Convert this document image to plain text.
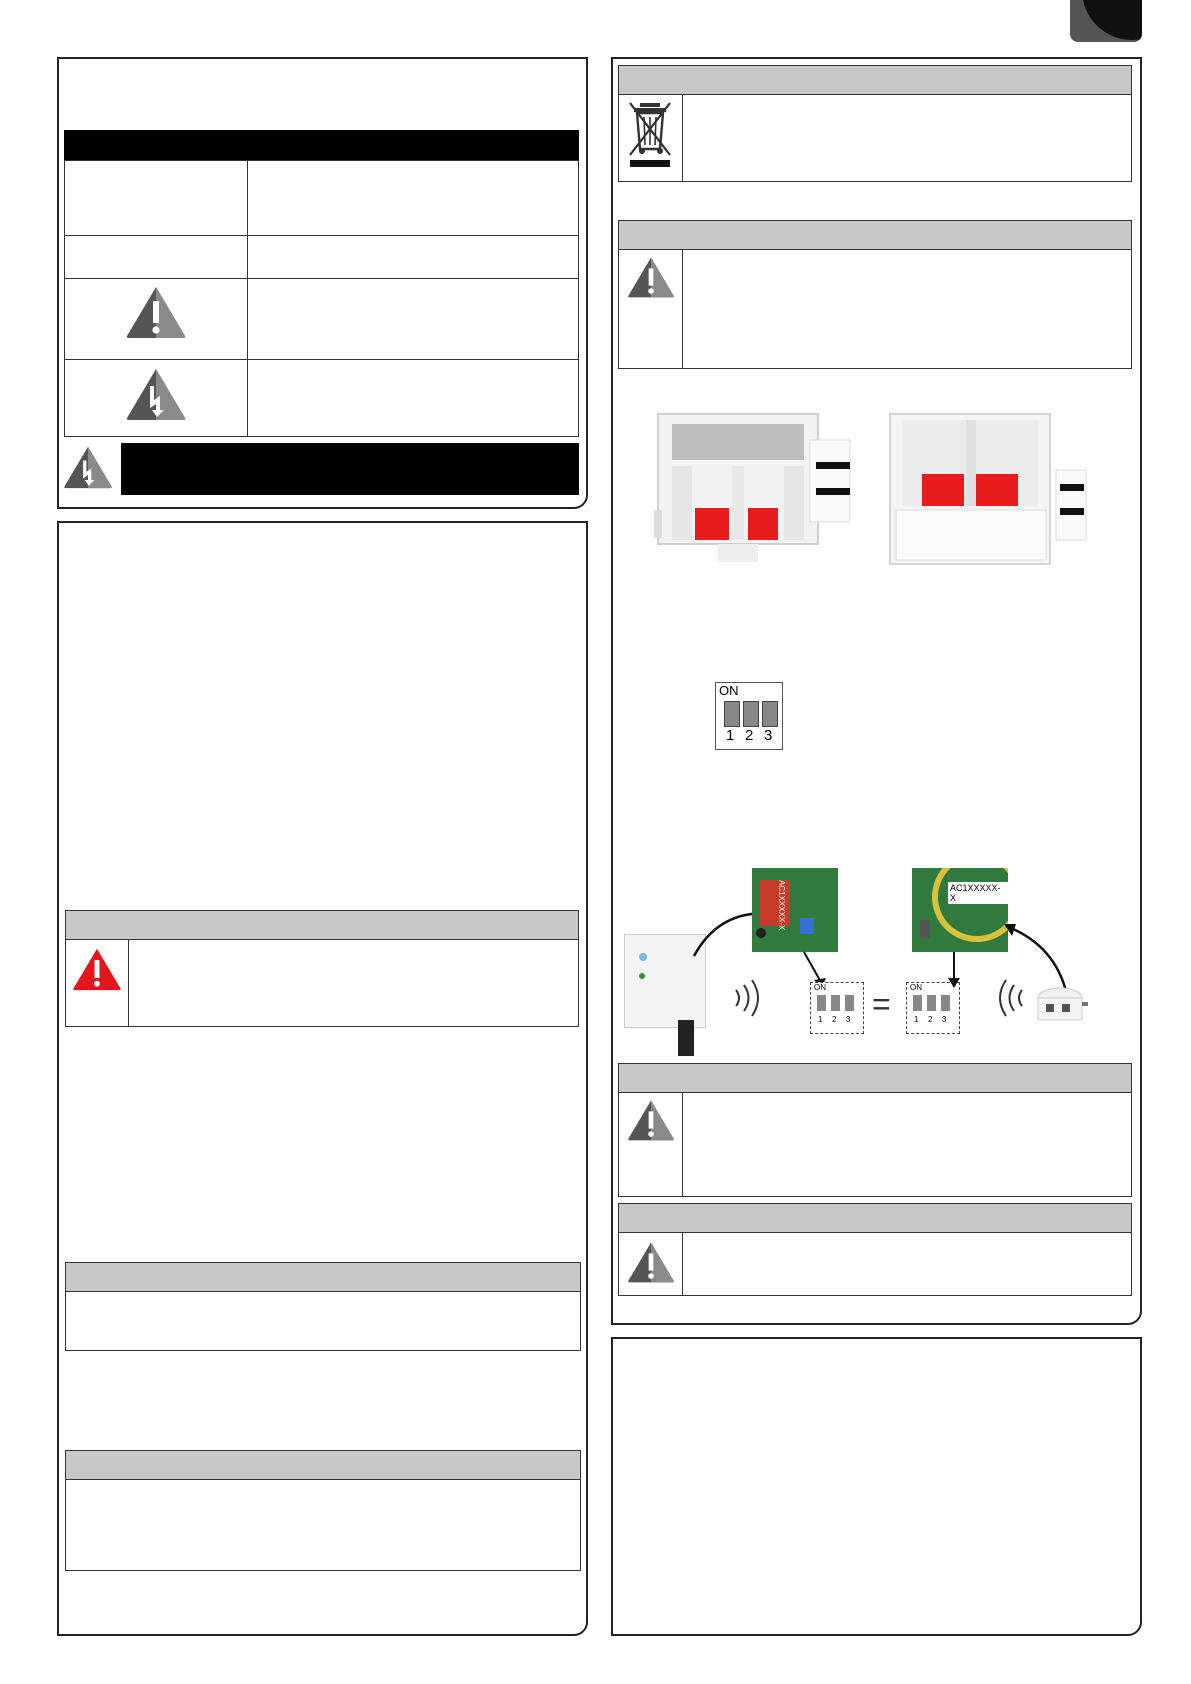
ON
1 2 3
AC1XXXXX-X
ON
1 2 3 = ON
1 2 3
AC1XXXXX-X
